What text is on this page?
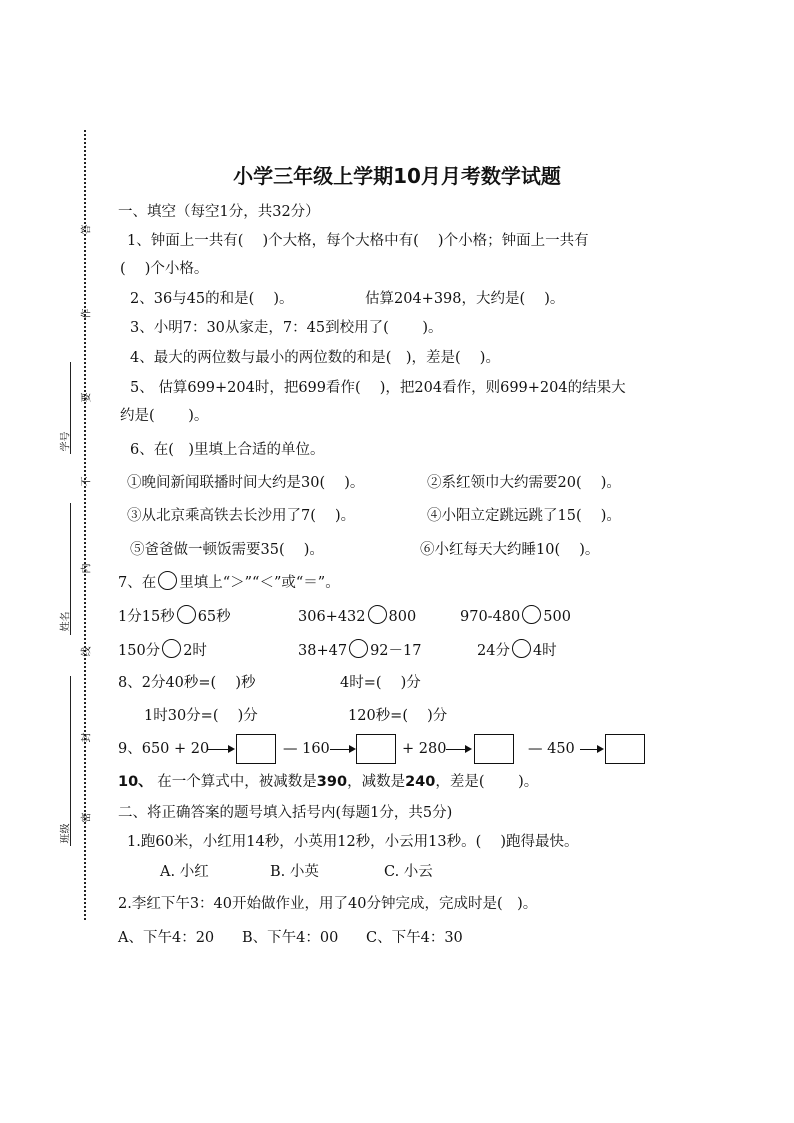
答
作
要
不
内
线
封
密
学号
姓名
班级
小学三年级上学期10月月考数学试题
一、填空（每空1分，共32分）
1、钟面上一共有(　 )个大格，每个大格中有(　 )个小格；钟面上一共有
(　 )个小格。
2、36与45的和是(　 )。	估算204+398，大约是(　 )。
3、小明7：30从家走，7：45到校用了(　　 )。
4、最大的两位数与最小的两位数的和是(　)，差是(　 )。
5、 估算699+204时，把699看作(　 )，把204看作，则699+204的结果大
约是(　　 )。
6、在(　)里填上合适的单位。
①晚间新闻联播时间大约是30(　 )。	②系红领巾大约需要20(　 )。
③从北京乘高铁去长沙用了7(　 )。	④小阳立定跳远跳了15(　 )。
⑤爸爸做一顿饭需要35(　 )。	⑥小红每天大约睡10(　 )。
7、在 里填上“＞”“＜”或“＝”。
1分15秒 65秒	306+432 800	970-480 500
150分 2时	38+47 92－17	24分 4时
8、2分40秒=(　 )秒	4时=(　 )分
1时30分=(　 )分	120秒=(　 )分
9、650 + 20	— 160	+ 280	— 450
10、 在一个算式中，被减数是390，减数是240，差是(　　 )。
二、将正确答案的题号填入括号内(每题1分，共5分)
1.跑60米，小红用14秒，小英用12秒，小云用13秒。(　 )跑得最快。
A. 小红	B. 小英	C. 小云
2.李红下午3：40开始做作业，用了40分钟完成，完成时是(　)。
A、下午4：20 B、下午4：00 C、下午4：30
